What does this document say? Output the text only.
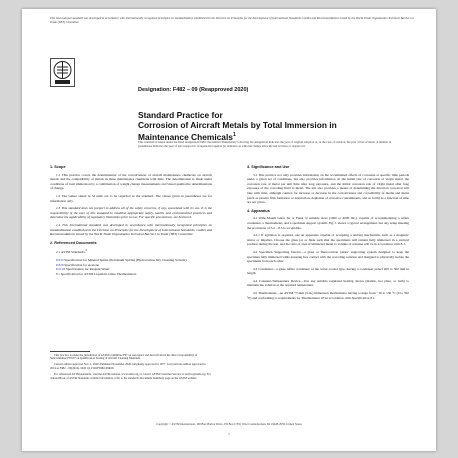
This international standard was developed in accordance with internationally recognized principles on standardization established in the Decision on Principles for the Development of International Standards, Guides and Recommendations issued by the World Trade Organization Technical Barriers to Trade (TBT) Committee.
Designation: F482 – 09 (Reapproved 2020)
Standard Practice for
Corrosion of Aircraft Metals by Total Immersion in
Maintenance Chemicals$^1$
This standard is issued under the fixed designation F482; the number immediately following the designation indicates the year of original adoption or, in the case of revision, the year of last revision. A number in parentheses indicates the year of last reapproval. A superscript epsilon (ε) indicates an editorial change since the last revision or reapproval.
1. Scope

1.1 This practice covers the determination of the corrosiveness of aircraft maintenance chemicals on aircraft metals and the compatibility of metals in these maintenance chemicals with time. The determination is made under conditions of total immersion by a combination of weight change measurements and visual qualitative determinations of change.

1.2 The values stated in SI units are to be regarded as the standard. The values given in parentheses are for information only.

1.3 This standard does not purport to address all of the safety concerns, if any, associated with its use. It is the responsibility of the user of this standard to establish appropriate safety, health, and environmental practices and determine the applicability of regulatory limitations prior to use. For specific precautions, see Section 6.

1.4 This international standard was developed in accordance with internationally recognized principles on standardization established in the Decision on Principles for the Development of International Standards, Guides and Recommendations issued by the World Trade Organization Technical Barriers to Trade (TBT) Committee.

2. Referenced Documents

2.1 ASTM Standards:$^2$

D235 Specification for Mineral Spirits (Petroleum Spirits) (Hydrocarbon Dry Cleaning Solvent)

D329 Specification for Acetone

D1193 Specification for Reagent Water

E1 Specification for ASTM Liquid-in-Glass Thermometers

This practice is under the jurisdiction of ASTM Committee F07 on Aerospace and Aircraft and is the direct responsibility of Subcommittee F07.07 on Qualification Testing of Aircraft Cleaning Materials.

Current edition approved Nov. 1, 2020. Published November 2020. Originally approved in 1977. Last previous edition approved in 2014 as F482 – 09(2014). DOI: 10.1520/F0482-09R20.

For referenced ASTM standards, visit the ASTM website, www.astm.org, or contact ASTM Customer Service at service@astm.org. For Annual Book of ASTM Standards volume information, refer to the standard's Document Summary page on the ASTM website.

3. Significance and Use

3.1 This practice not only provides information on the accumulated effects of corrosion at specific time periods under a given set of conditions, but also provides information on the initial rate of corrosion of virgin metal, the corrosion rate of metal per unit time after long exposure, and the initial corrosion rate of virgin metal after long exposure of the corroding fluid to metal. The test also provides a means of determining the direction corrosion will take with time, although caution for increase or decrease in the corrosiveness and corrodibility of media and metal (such as passive film formation or destruction, depletion of corrosive contaminants, and so forth) as a function of time are not given.

4. Apparatus

4.1 Wide-Mouth Glass Jar or Flask of suitable sizes (1000 or 4000 mL), capable of accommodating a reflux condenser, a thermometer, and a specimen support system. Fig. 1 shows a typical arrangement, but any setup meeting the provisions of 5.2 – 8.3 is acceptable.

4.1.1 If agitation is required, use an apparatus capable of accepting a stirring mechanism, such as a magnetic stirrer or impeller. Choose the glass jar or flask such that the specimens will remain fully immersed in a vertical position during the test, and the ratio of area of immersed metal to volume of solution will be in accordance with 8.1.

4.2 Specimen Supporting Device—a glass or fluorocarbon plastic supporting system designed to keep the specimen fully immersed while assuring free contact with the corroding solution and designed to physically isolate the specimens from each other.

4.3 Condenser—a glass reflux condenser of the water-cooled type, having a condenser jacket 200 to 300 mm in length.

4.4 Constant-Temperature Device—Use any suitable regulated heating device (mantle, hot plate, or bath) to maintain the solution at the required temperature.

4.5 Thermometer—an ASTM 77-mm (3-in.) immersion thermometer having a range from −10 to 150 °C (0 to 302 °F) and conforming to requirements for Thermometer 1F in accordance with Specification E1.

Copyright © ASTM International, 100 Barr Harbor Drive, PO Box C700, West Conshohocken, PA 19428-2959. United States
1
